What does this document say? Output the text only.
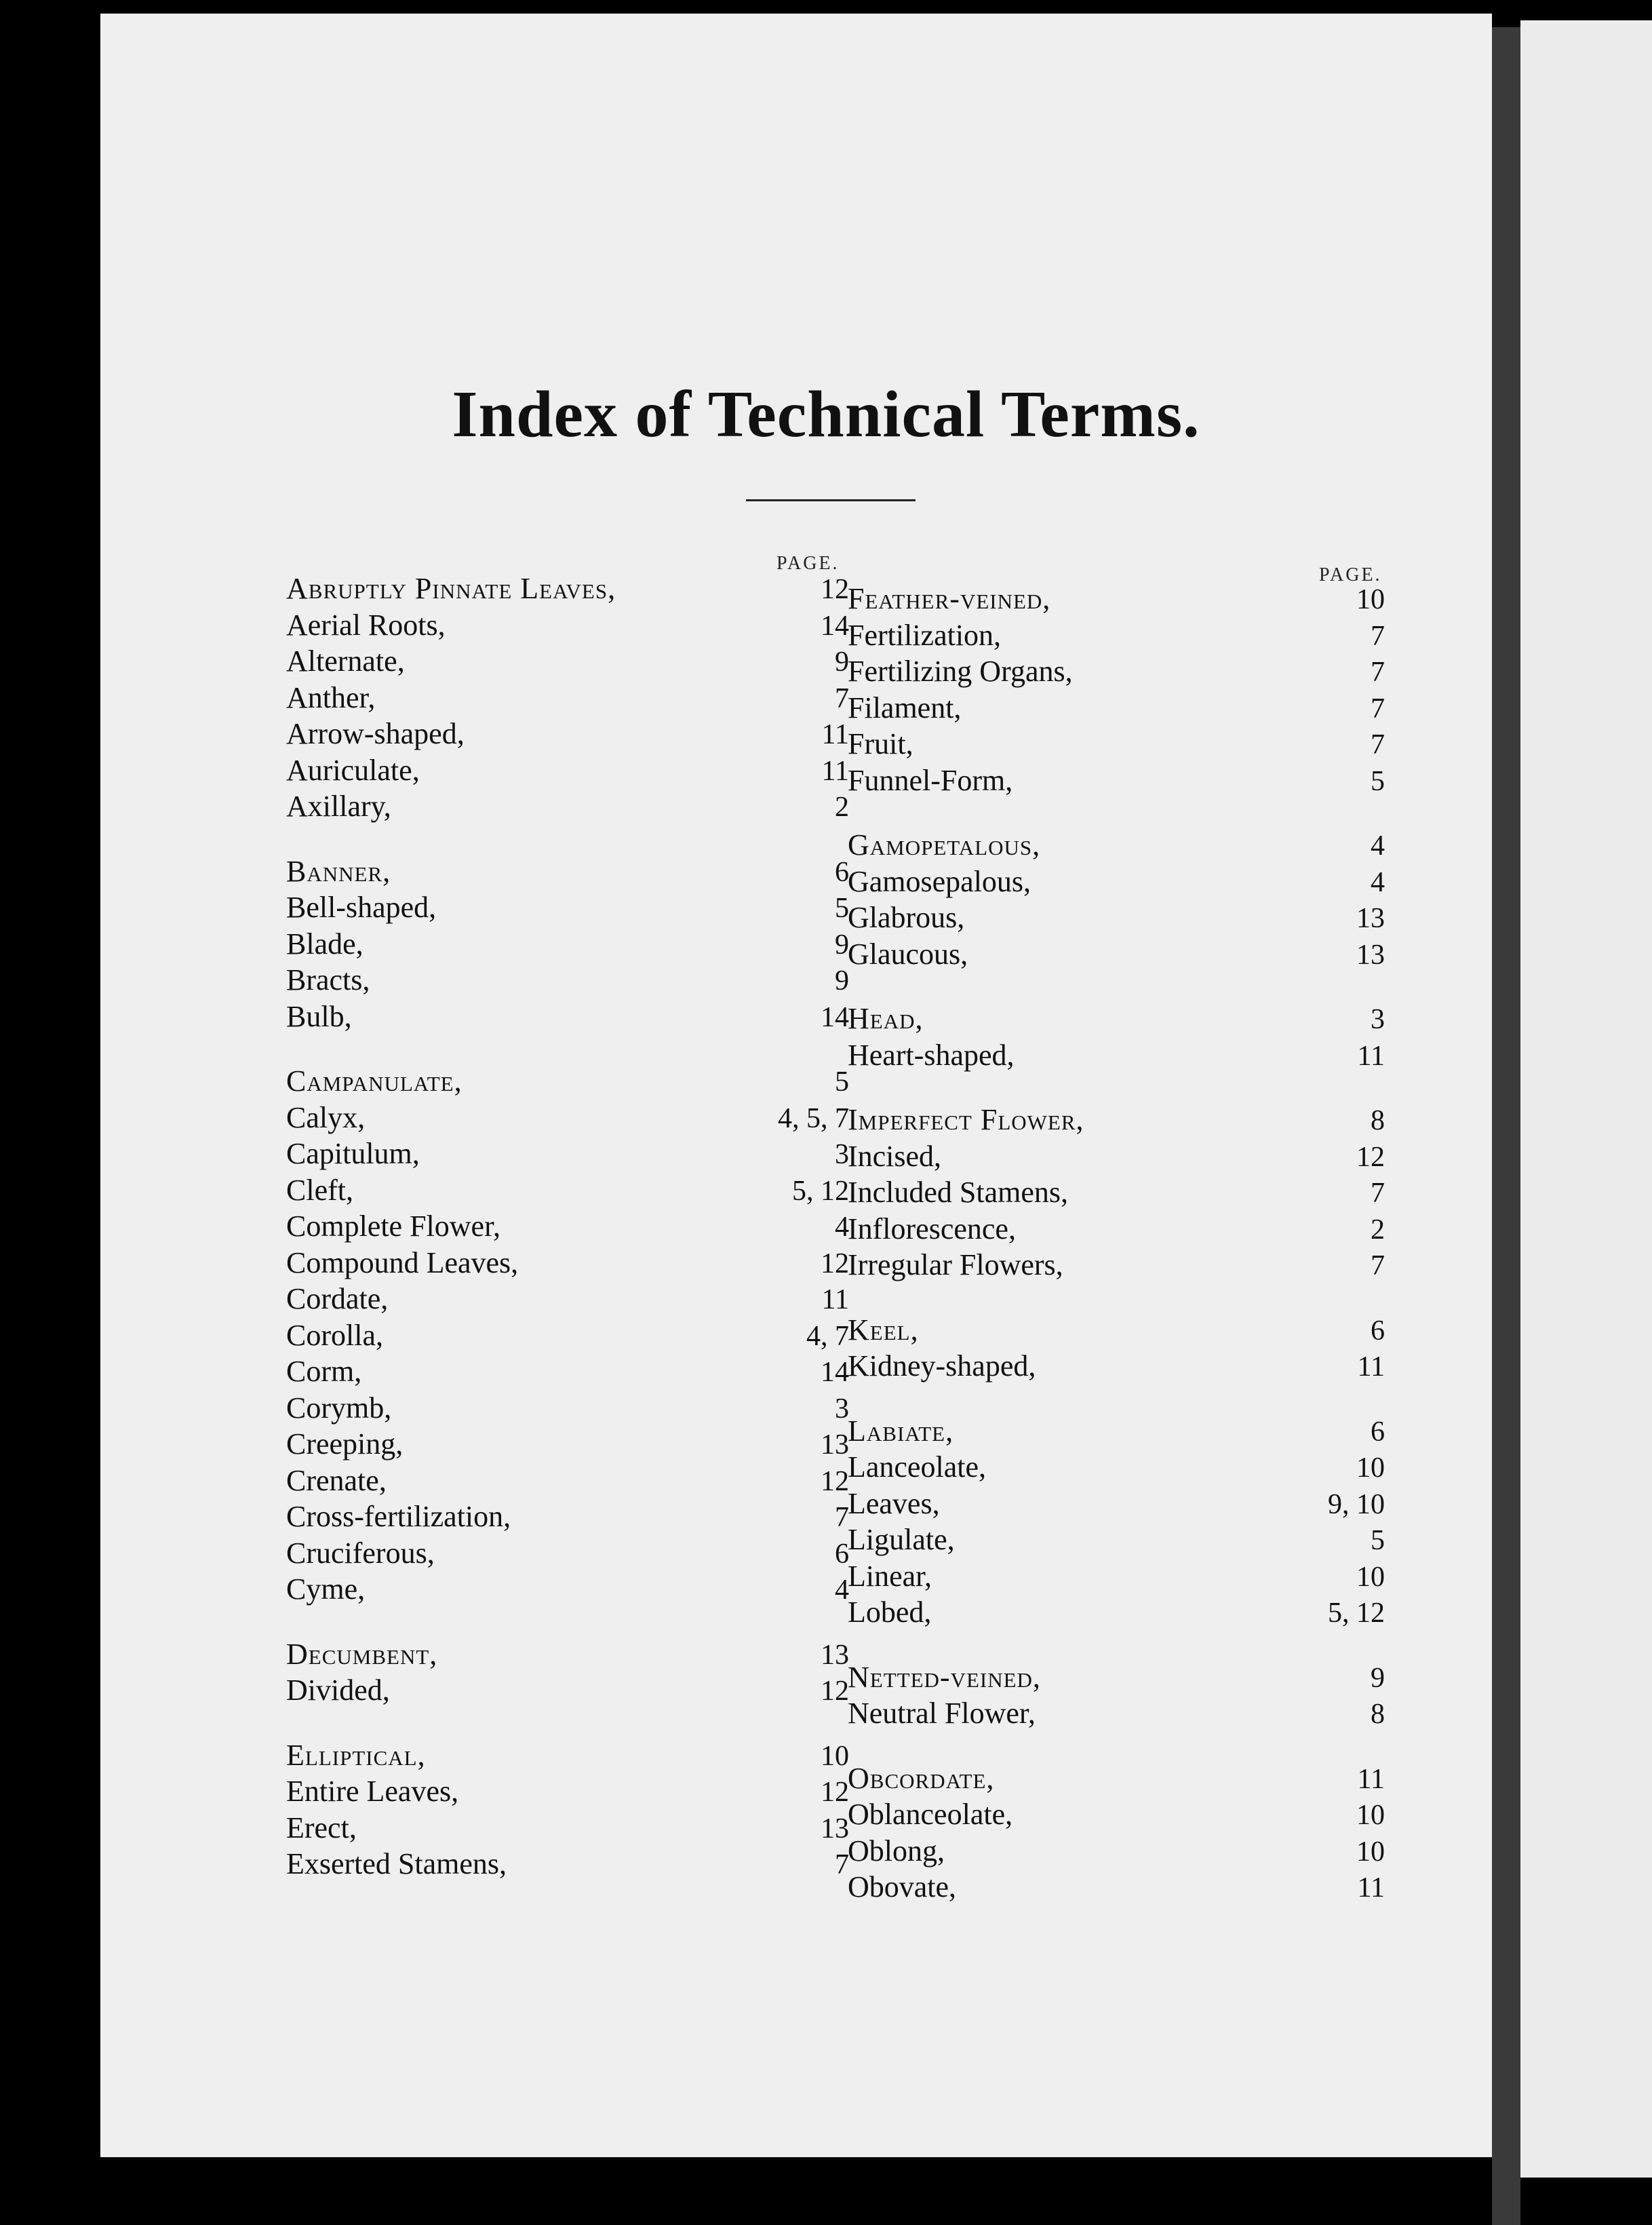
Index of Technical Terms.
PAGE.
PAGE.
Abruptly Pinnate Leaves,	12
Aerial Roots,	14
Alternate,	9
Anther,	7
Arrow-shaped,	11
Auriculate,	11
Axillary,	2
Banner,	6
Bell-shaped,	5
Blade,	9
Bracts,	9
Bulb,	14
Campanulate,	5
Calyx,	4, 5, 7
Capitulum,	3
Cleft,	5, 12
Complete Flower,	4
Compound Leaves,	12
Cordate,	11
Corolla,	4, 7
Corm,	14
Corymb,	3
Creeping,	13
Crenate,	12
Cross-fertilization,	7
Cruciferous,	6
Cyme,	4
Decumbent,	13
Divided,	12
Elliptical,	10
Entire Leaves,	12
Erect,	13
Exserted Stamens,	7
Feather-veined,	10
Fertilization,	7
Fertilizing Organs,	7
Filament,	7
Fruit,	7
Funnel-Form,	5
Gamopetalous,	4
Gamosepalous,	4
Glabrous,	13
Glaucous,	13
Head,	3
Heart-shaped,	11
Imperfect Flower,	8
Incised,	12
Included Stamens,	7
Inflorescence,	2
Irregular Flowers,	7
Keel,	6
Kidney-shaped,	11
Labiate,	6
Lanceolate,	10
Leaves,	9, 10
Ligulate,	5
Linear,	10
Lobed,	5, 12
Netted-veined,	9
Neutral Flower,	8
Obcordate,	11
Oblanceolate,	10
Oblong,	10
Obovate,	11
